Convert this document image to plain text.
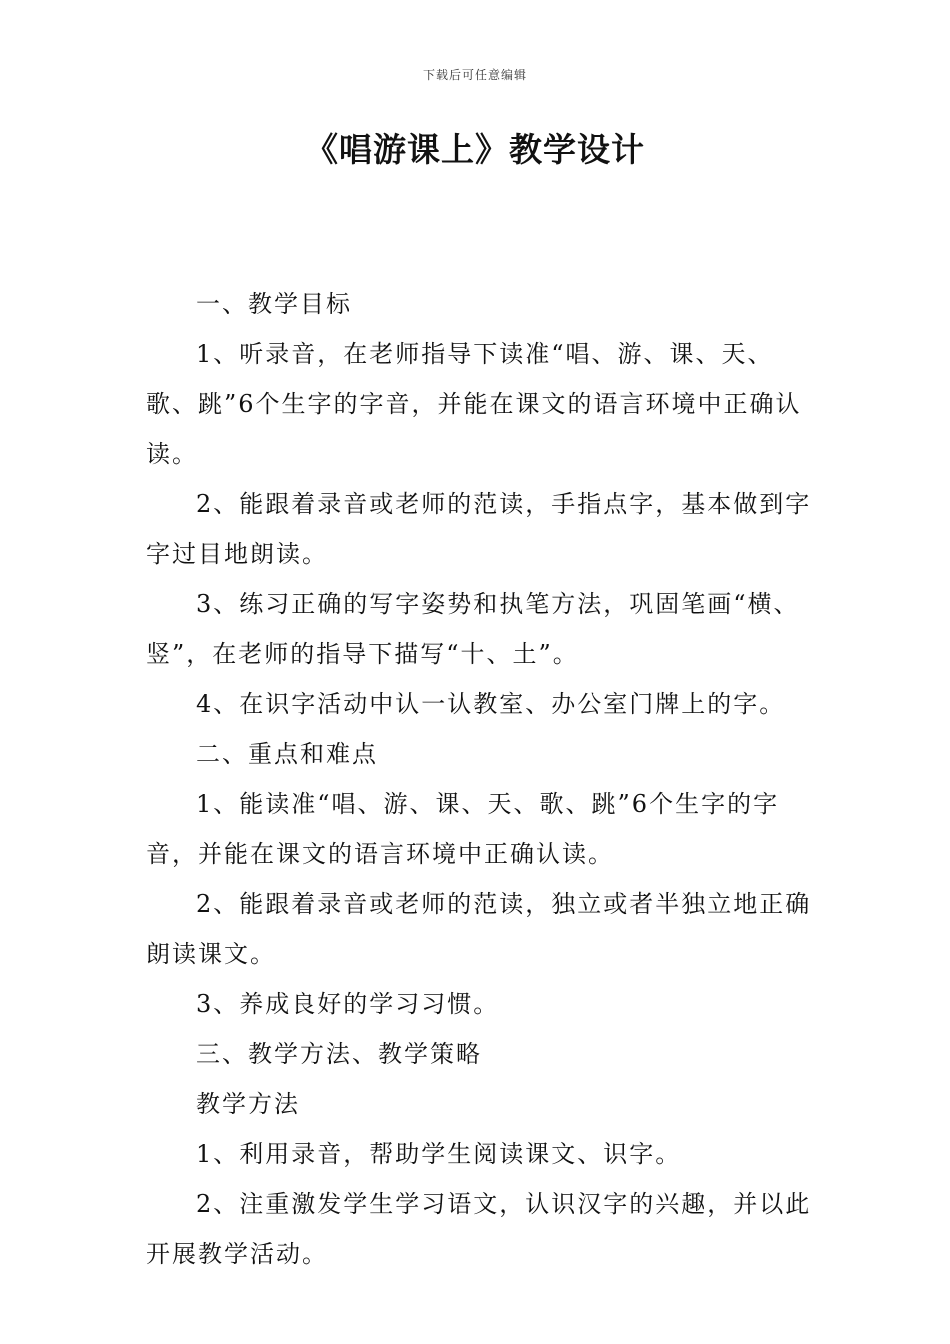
下载后可任意编辑
《唱游课上》教学设计

一、教学目标

1、听录音，在老师指导下读准“唱、游、课、天、歌、跳”6个生字的字音，并能在课文的语言环境中正确认读。

2、能跟着录音或老师的范读，手指点字，基本做到字字过目地朗读。

3、练习正确的写字姿势和执笔方法，巩固笔画“横、竖”，在老师的指导下描写“十、土”。

4、在识字活动中认一认教室、办公室门牌上的字。

二、重点和难点

1、能读准“唱、游、课、天、歌、跳”6个生字的字音，并能在课文的语言环境中正确认读。

2、能跟着录音或老师的范读，独立或者半独立地正确朗读课文。

3、养成良好的学习习惯。

三、教学方法、教学策略

教学方法

1、利用录音，帮助学生阅读课文、识字。

2、注重激发学生学习语文，认识汉字的兴趣，并以此开展教学活动。
